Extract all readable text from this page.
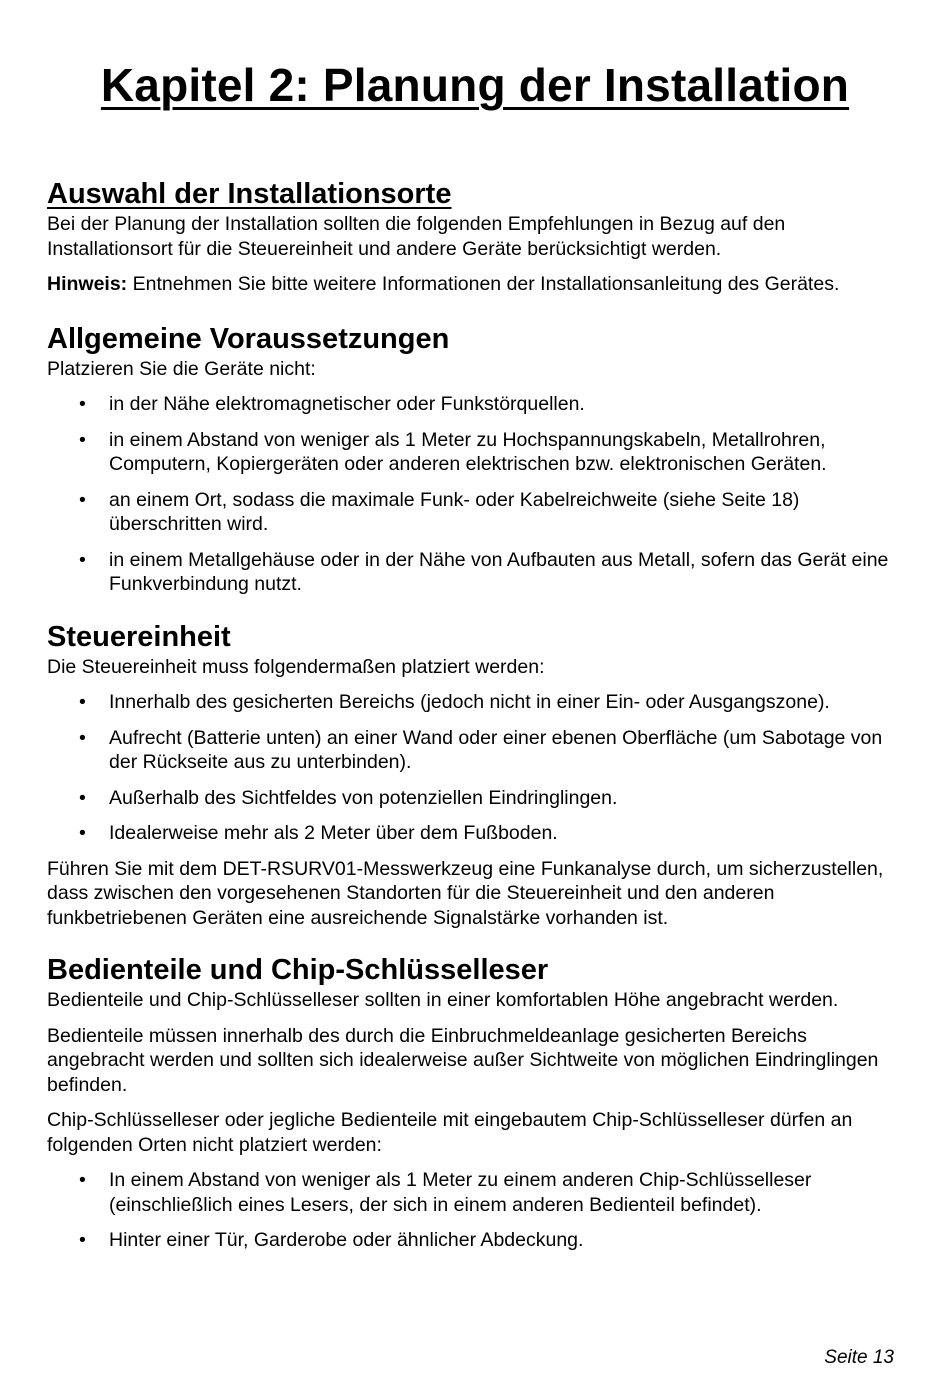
Kapitel 2: Planung der Installation
Auswahl der Installationsorte

Bei der Planung der Installation sollten die folgenden Empfehlungen in Bezug auf den Installationsort für die Steuereinheit und andere Geräte berücksichtigt werden.

Hinweis: Entnehmen Sie bitte weitere Informationen der Installationsanleitung des Gerätes.

Allgemeine Voraussetzungen

Platzieren Sie die Geräte nicht:

• in der Nähe elektromagnetischer oder Funkstörquellen.
• in einem Abstand von weniger als 1 Meter zu Hochspannungskabeln, Metallrohren, Computern, Kopiergeräten oder anderen elektrischen bzw. elektronischen Geräten.
• an einem Ort, sodass die maximale Funk- oder Kabelreichweite (siehe Seite 18) überschritten wird.
• in einem Metallgehäuse oder in der Nähe von Aufbauten aus Metall, sofern das Gerät eine Funkverbindung nutzt.
Steuereinheit

Die Steuereinheit muss folgendermaßen platziert werden:

• Innerhalb des gesicherten Bereichs (jedoch nicht in einer Ein- oder Ausgangszone).
• Aufrecht (Batterie unten) an einer Wand oder einer ebenen Oberfläche (um Sabotage von der Rückseite aus zu unterbinden).
• Außerhalb des Sichtfeldes von potenziellen Eindringlingen.
• Idealerweise mehr als 2 Meter über dem Fußboden.

Führen Sie mit dem DET-RSURV01-Messwerkzeug eine Funkanalyse durch, um sicherzustellen, dass zwischen den vorgesehenen Standorten für die Steuereinheit und den anderen funkbetriebenen Geräten eine ausreichende Signalstärke vorhanden ist.

Bedienteile und Chip-Schlüsselleser

Bedienteile und Chip-Schlüsselleser sollten in einer komfortablen Höhe angebracht werden.

Bedienteile müssen innerhalb des durch die Einbruchmeldeanlage gesicherten Bereichs angebracht werden und sollten sich idealerweise außer Sichtweite von möglichen Eindringlingen befinden.

Chip-Schlüsselleser oder jegliche Bedienteile mit eingebautem Chip-Schlüsselleser dürfen an folgenden Orten nicht platziert werden:

• In einem Abstand von weniger als 1 Meter zu einem anderen Chip-Schlüsselleser (einschließlich eines Lesers, der sich in einem anderen Bedienteil befindet).
• Hinter einer Tür, Garderobe oder ähnlicher Abdeckung.
Seite 13
